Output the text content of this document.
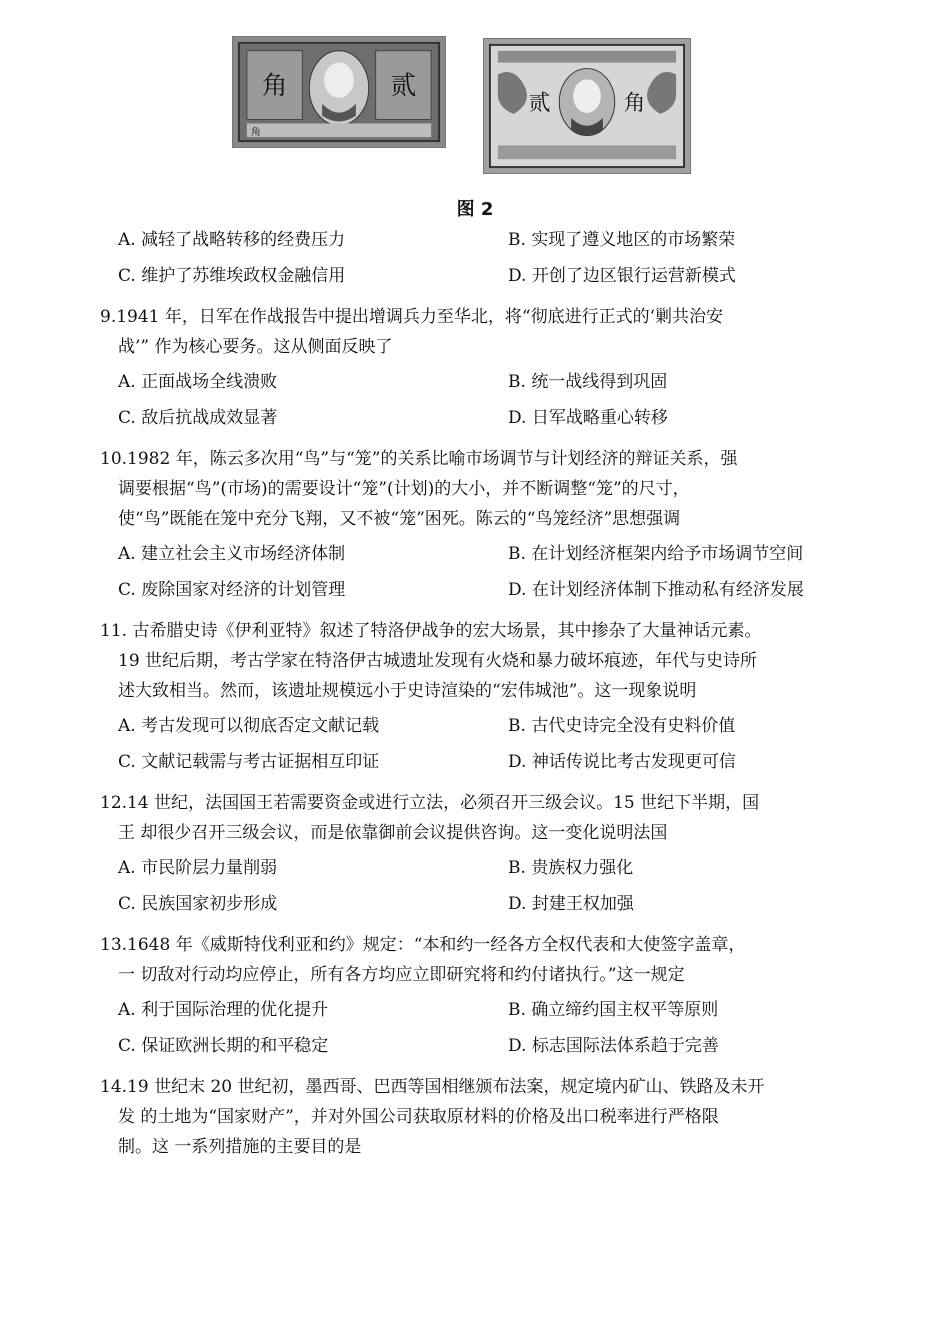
角	贰
角
贰	角
图 2
A. 减轻了战略转移的经费压力	B. 实现了遵义地区的市场繁荣
C. 维护了苏维埃政权金融信用	D. 开创了边区银行运营新模式

9.1941 年，日军在作战报告中提出增调兵力至华北，将“彻底进行正式的‘剿共治安

战’” 作为核心要务。这从侧面反映了

A. 正面战场全线溃败	B. 统一战线得到巩固
C. 敌后抗战成效显著	D. 日军战略重心转移

10.1982 年，陈云多次用“鸟”与“笼”的关系比喻市场调节与计划经济的辩证关系，强

调要根据“鸟”(市场)的需要设计“笼”(计划)的大小，并不断调整“笼”的尺寸，

使“鸟”既能在笼中充分飞翔，又不被“笼”困死。陈云的“鸟笼经济”思想强调

A. 建立社会主义市场经济体制	B. 在计划经济框架内给予市场调节空间
C. 废除国家对经济的计划管理	D. 在计划经济体制下推动私有经济发展

11. 古希腊史诗《伊利亚特》叙述了特洛伊战争的宏大场景，其中掺杂了大量神话元素。

19 世纪后期，考古学家在特洛伊古城遗址发现有火烧和暴力破坏痕迹，年代与史诗所

述大致相当。然而，该遗址规模远小于史诗渲染的“宏伟城池”。这一现象说明

A. 考古发现可以彻底否定文献记载	B. 古代史诗完全没有史料价值
C. 文献记载需与考古证据相互印证	D. 神话传说比考古发现更可信

12.14 世纪，法国国王若需要资金或进行立法，必须召开三级会议。15 世纪下半期，国

王 却很少召开三级会议，而是依靠御前会议提供咨询。这一变化说明法国

A. 市民阶层力量削弱	B. 贵族权力强化
C. 民族国家初步形成	D. 封建王权加强

13.1648 年《威斯特伐利亚和约》规定：“本和约一经各方全权代表和大使签字盖章，

一 切敌对行动均应停止，所有各方均应立即研究将和约付诸执行。”这一规定

A. 利于国际治理的优化提升	B. 确立缔约国主权平等原则
C. 保证欧洲长期的和平稳定	D. 标志国际法体系趋于完善

14.19 世纪末 20 世纪初，墨西哥、巴西等国相继颁布法案，规定境内矿山、铁路及未开

发 的土地为“国家财产”，并对外国公司获取原材料的价格及出口税率进行严格限

制。这 一系列措施的主要目的是
